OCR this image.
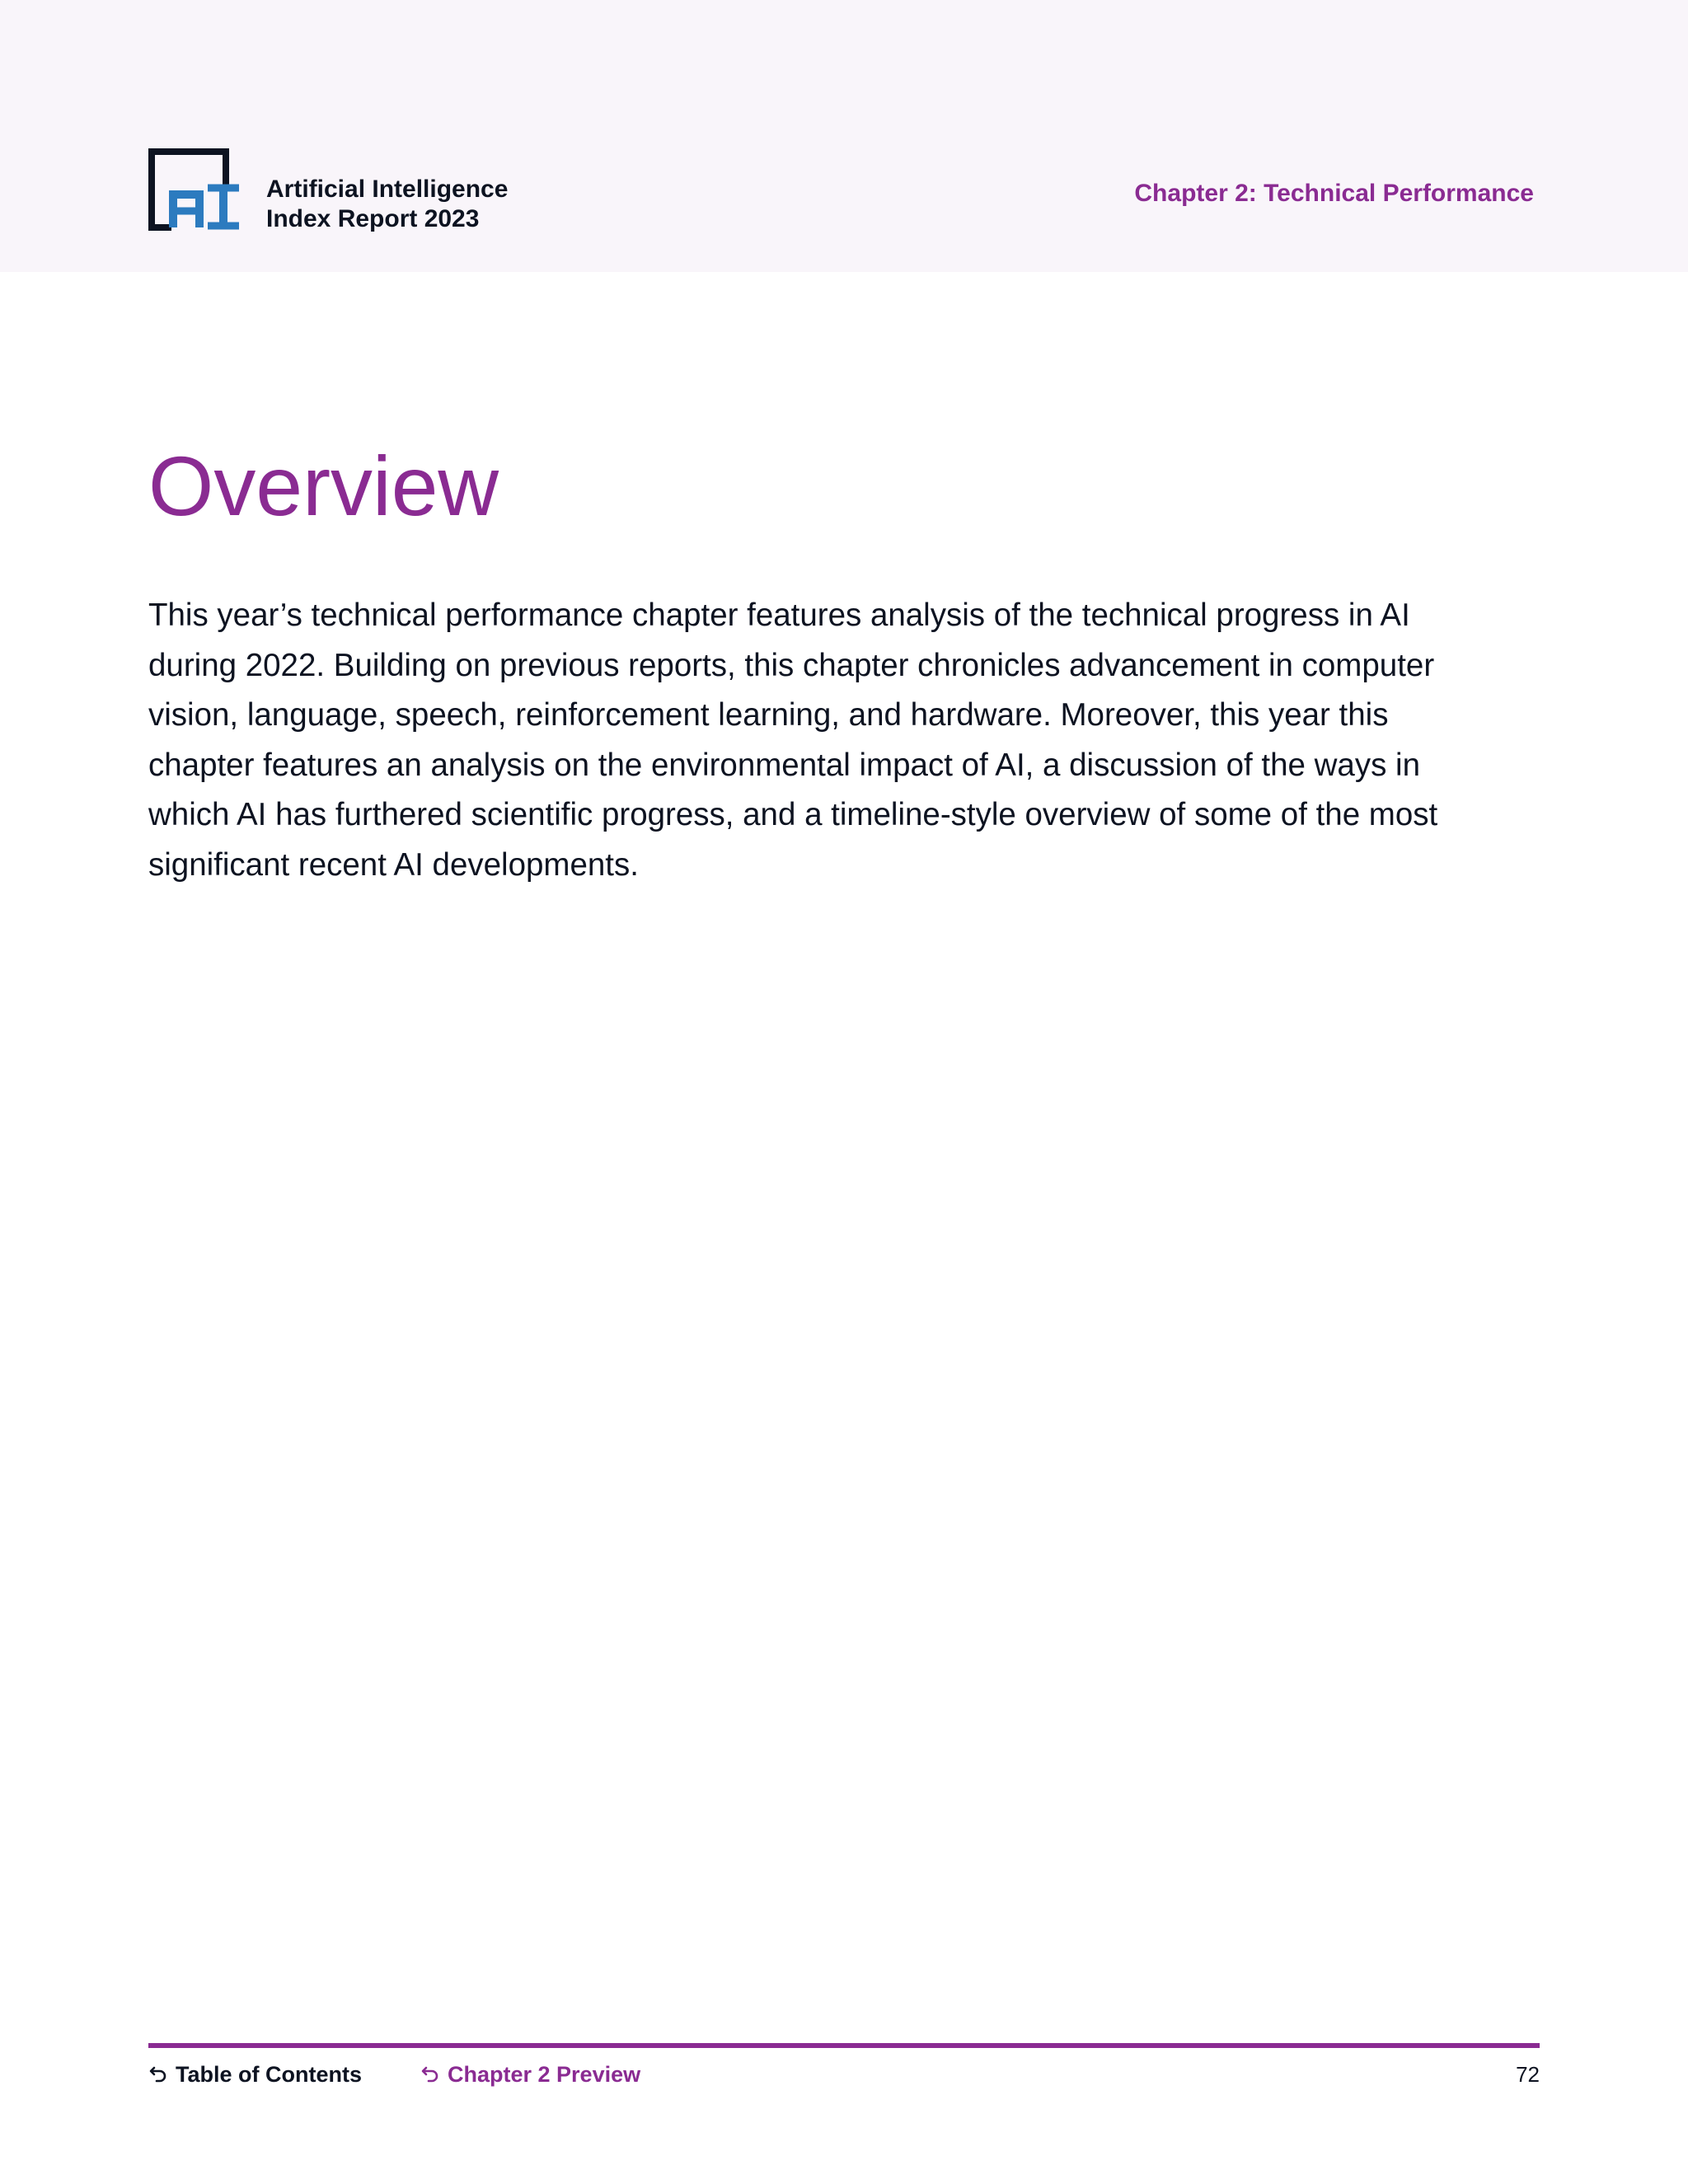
Artificial Intelligence
Index Report 2023
Chapter 2: Technical Performance
Overview

This year’s technical performance chapter features analysis of the technical progress in AI during 2022. Building on previous reports, this chapter chronicles advancement in computer vision, language, speech, reinforcement learning, and hardware. Moreover, this year this chapter features an analysis on the environmental impact of AI, a discussion of the ways in which AI has furthered scientific progress, and a timeline-style overview of some of the most significant recent AI developments.

Table of Contents	Chapter 2 Preview	72
